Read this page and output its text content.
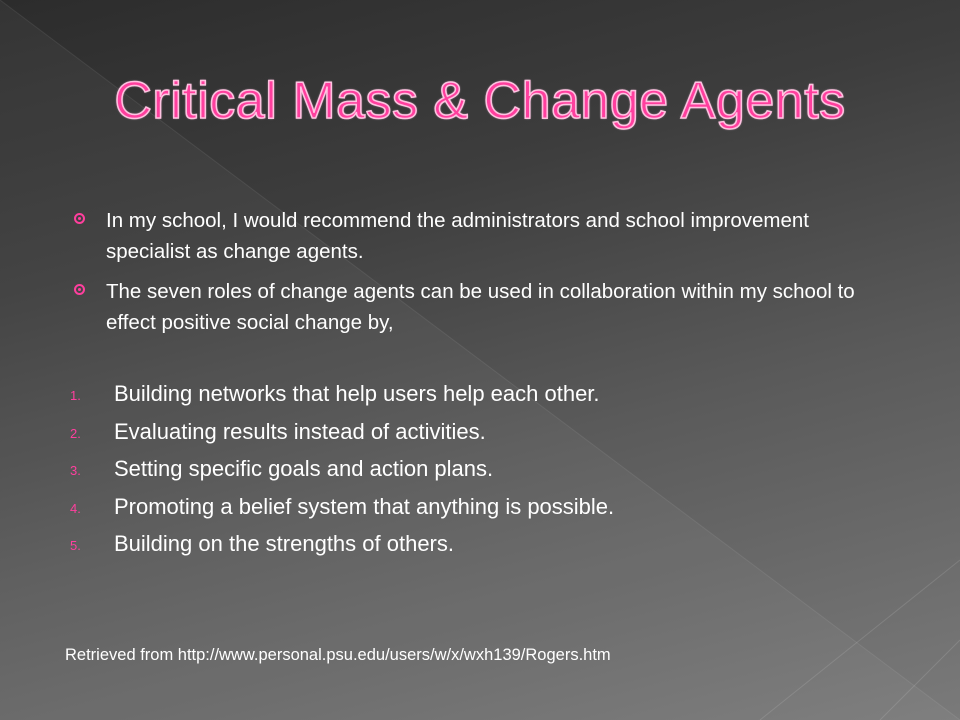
Critical Mass & Change Agents
In my school, I would recommend the administrators and school improvement specialist as change agents.
The seven roles of change agents can be used in collaboration within my school to effect positive social change by,
1. Building networks that help users help each other.
2. Evaluating results instead of activities.
3. Setting specific goals and action plans.
4. Promoting a belief system that anything is possible.
5. Building on the strengths of others.
Retrieved from http://www.personal.psu.edu/users/w/x/wxh139/Rogers.htm
